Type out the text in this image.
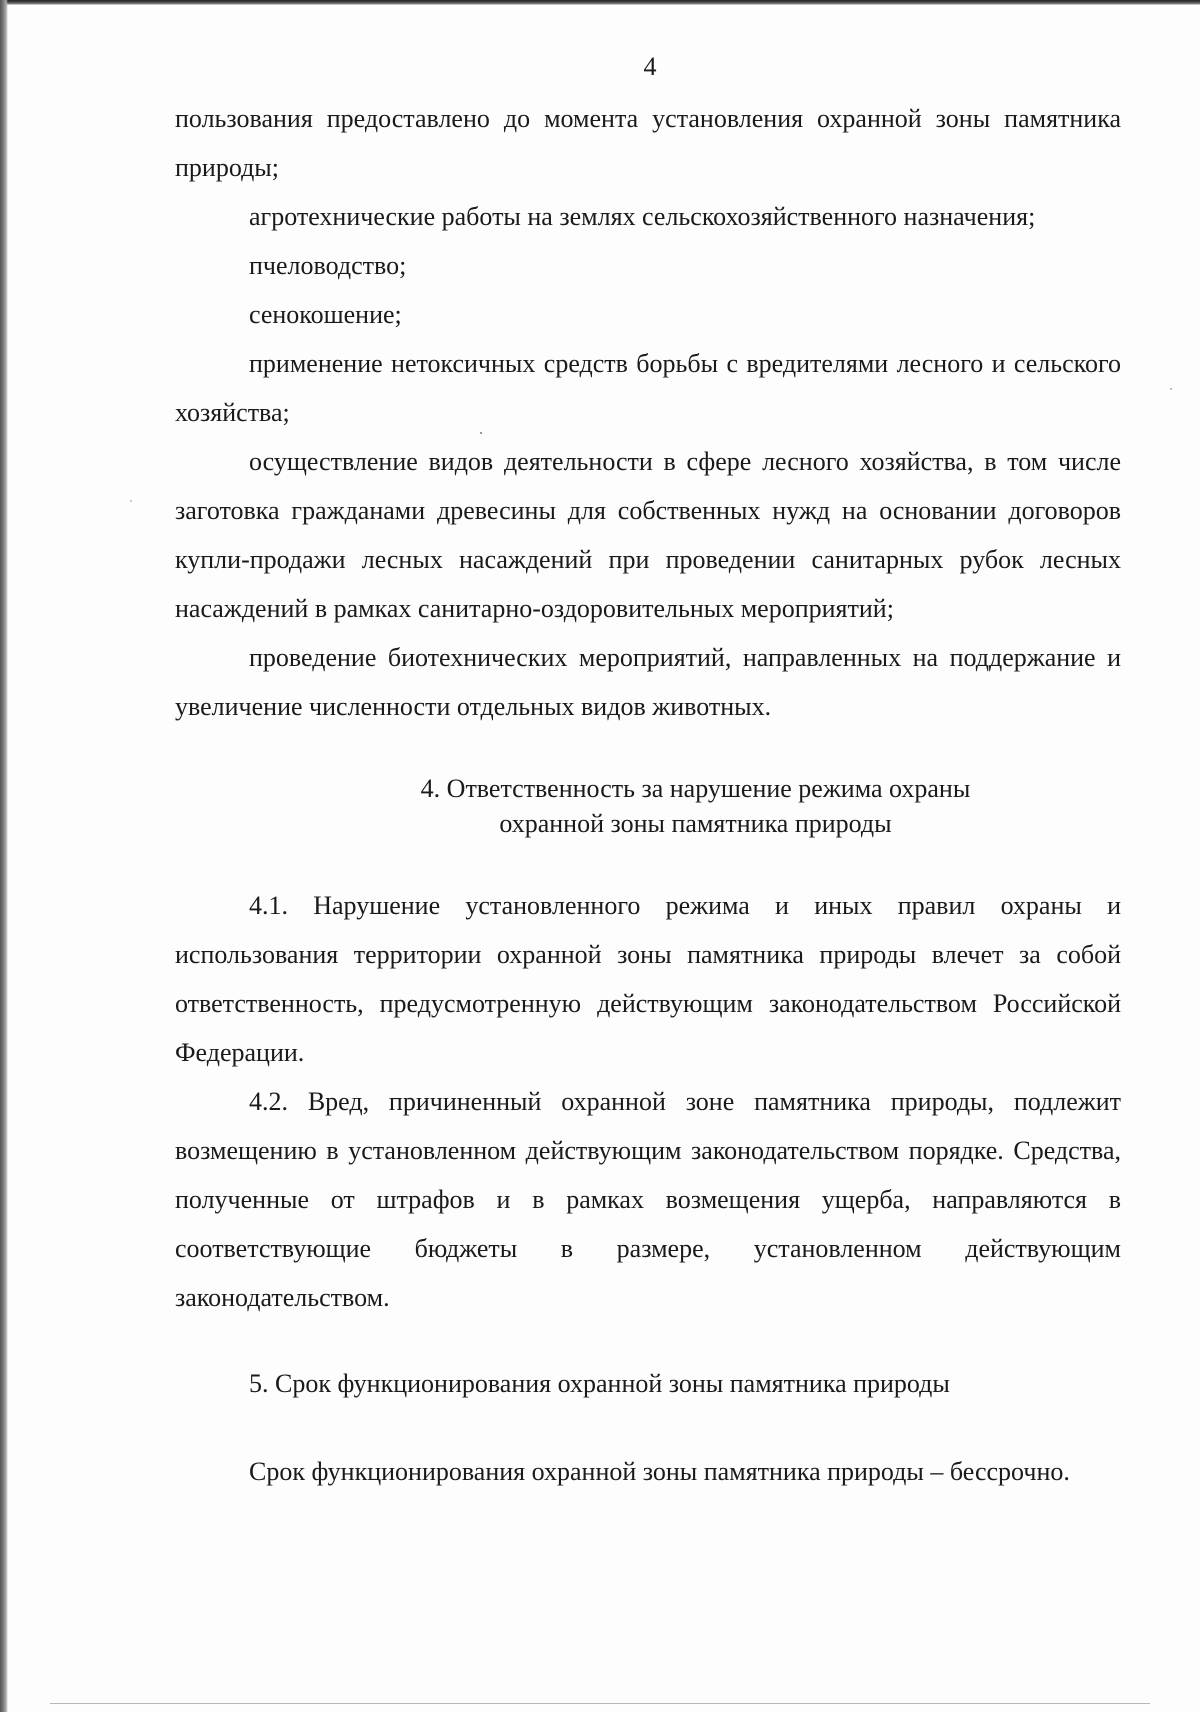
4

пользования предоставлено до момента установления охранной зоны памятника природы;

агротехнические работы на землях сельскохозяйственного назначения;

пчеловодство;

сенокошение;

применение нетоксичных средств борьбы с вредителями лесного и сельского хозяйства;

осуществление видов деятельности в сфере лесного хозяйства, в том числе заготовка гражданами древесины для собственных нужд на основании договоров купли-продажи лесных насаждений при проведении санитарных рубок лесных насаждений в рамках санитарно-оздоровительных мероприятий;

проведение биотехнических мероприятий, направленных на поддержание и увеличение численности отдельных видов животных.

4. Ответственность за нарушение режима охраны
охранной зоны памятника природы

4.1. Нарушение установленного режима и иных правил охраны и использования территории охранной зоны памятника природы влечет за собой ответственность, предусмотренную действующим законодательством Российской Федерации.

4.2. Вред, причиненный охранной зоне памятника природы, подлежит возмещению в установленном действующим законодательством порядке. Средства, полученные от штрафов и в рамках возмещения ущерба, направляются в соответствующие бюджеты в размере, установленном действующим законодательством.

5. Срок функционирования охранной зоны памятника природы

Срок функционирования охранной зоны памятника природы – бессрочно.
